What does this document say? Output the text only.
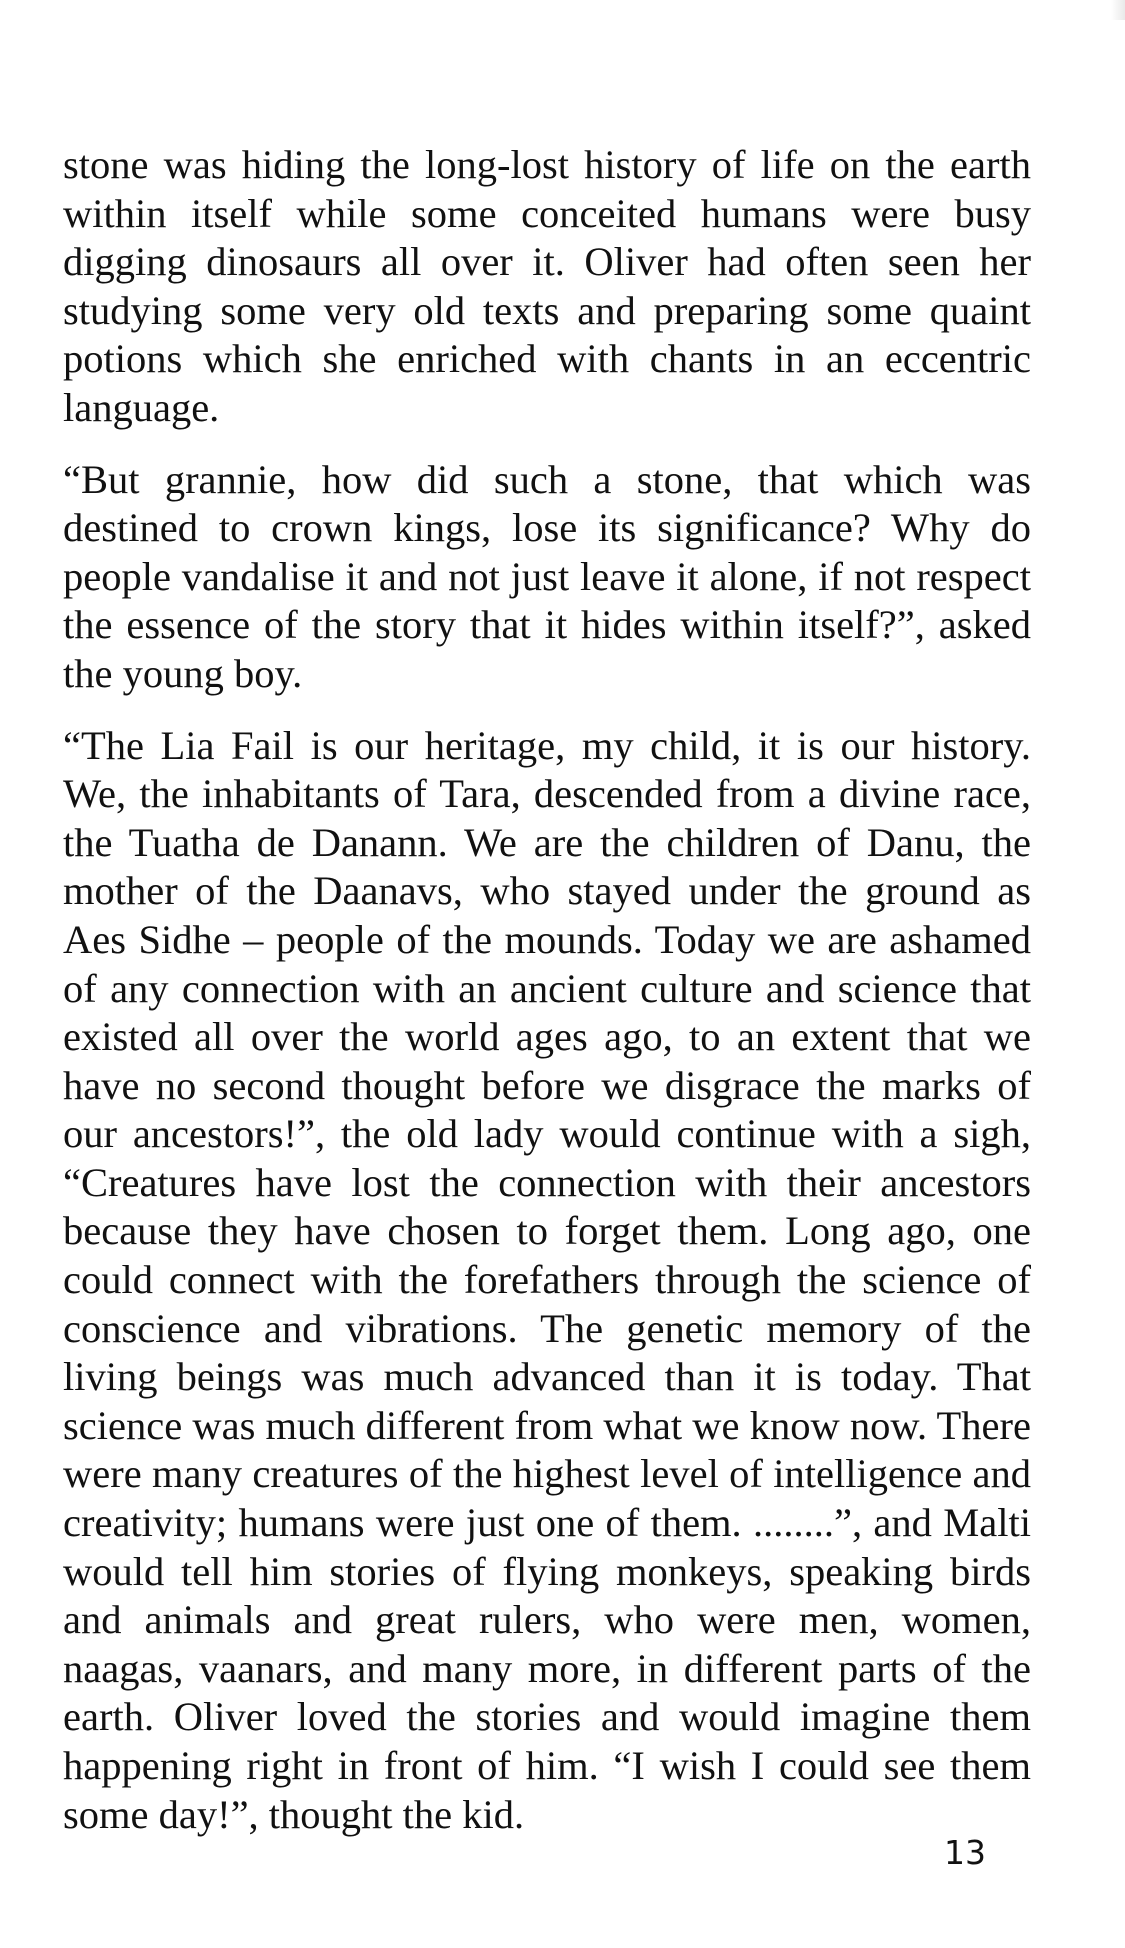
stone was hiding the long-lost history of life on the earth within itself while some conceited humans were busy digging dinosaurs all over it. Oliver had often seen her studying some very old texts and preparing some quaint potions which she enriched with chants in an eccentric language.

“But grannie, how did such a stone, that which was destined to crown kings, lose its significance? Why do people vandalise it and not just leave it alone, if not respect the essence of the story that it hides within itself?”, asked the young boy.

“The Lia Fail is our heritage, my child, it is our history. We, the inhabitants of Tara, descended from a divine race, the Tuatha de Danann. We are the children of Danu, the mother of the Daanavs, who stayed under the ground as Aes Sidhe – people of the mounds. Today we are ashamed of any connection with an ancient culture and science that existed all over the world ages ago, to an extent that we have no second thought before we disgrace the marks of our ancestors!”, the old lady would continue with a sigh, “Creatures have lost the connection with their ancestors because they have chosen to forget them. Long ago, one could connect with the forefathers through the science of conscience and vibrations. The genetic memory of the living beings was much advanced than it is today. That science was much different from what we know now. There were many creatures of the highest level of intelligence and creativity; humans were just one of them. ........”, and Malti would tell him stories of flying monkeys, speaking birds and animals and great rulers, who were men, women, naagas, vaanars, and many more, in different parts of the earth. Oliver loved the stories and would imagine them happening right in front of him. “I wish I could see them some day!”, thought the kid.

13
